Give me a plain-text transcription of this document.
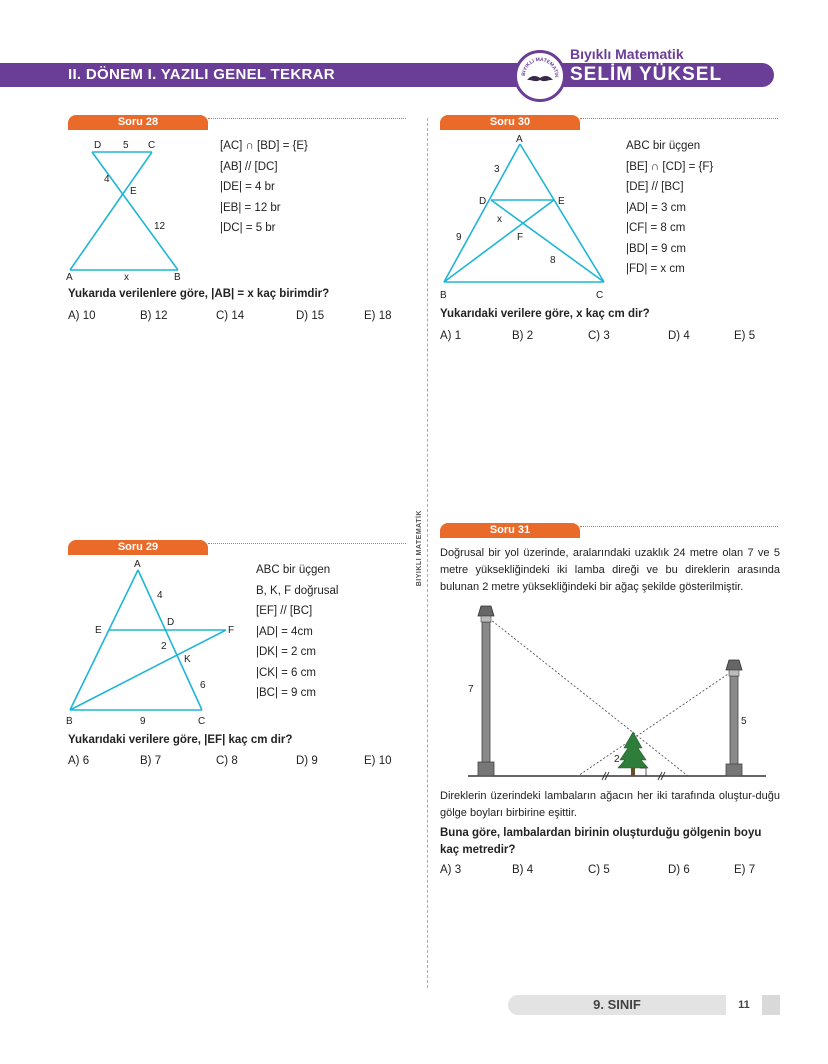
II. DÖNEM I. YAZILI GENEL TEKRAR
Bıyıklı Matematik
SELİM YÜKSEL
BIYIKLI MATEMATİK
BIYIKLI MATEMATİK
Soru 28
D 5 C
4
E
12
A	x	B
[AC] ∩ [BD] = {E}
[AB] // [DC]
|DE| = 4 br
|EB| = 12 br
|DC| = 5 br
Yukarıda verilenlere göre, |AB| = x kaç birimdir?
A) 10	B) 12	C) 14	D) 15	E) 18
Soru 30
A
3
D	E
x
F
9
8
B	C
ABC bir üçgen
[BE] ∩ [CD] = {F}
[DE] // [BC]
|AD| = 3 cm
|CF| = 8 cm
|BD| = 9 cm
|FD| = x cm
Yukarıdaki verilere göre, x kaç cm dir?
A) 1	B) 2	C) 3	D) 4	E) 5
Soru 29
A
4
E
D
F
2
K
6
B	9	C
ABC bir üçgen
B, K, F doğrusal
[EF] // [BC]
|AD| = 4cm
|DK| = 2 cm
|CK| = 6 cm
|BC| = 9 cm
Yukarıdaki verilere göre, |EF| kaç cm dir?
A) 6	B) 7	C) 8	D) 9	E) 10
Soru 31
Doğrusal bir yol üzerinde, aralarındaki uzaklık 24 metre olan 7 ve 5 metre yüksekliğindeki iki lamba direği ve bu direklerin arasında bulunan 2 metre yüksekliğindeki bir ağaç şekilde gösterilmiştir.
7
5
2
Direklerin üzerindeki lambaların ağacın her iki tarafında oluştur-duğu gölge boyları birbirine eşittir.
Buna göre, lambalardan birinin oluşturduğu gölgenin boyu kaç metredir?
A) 3	B) 4	C) 5	D) 6	E) 7
9. SINIF	11
